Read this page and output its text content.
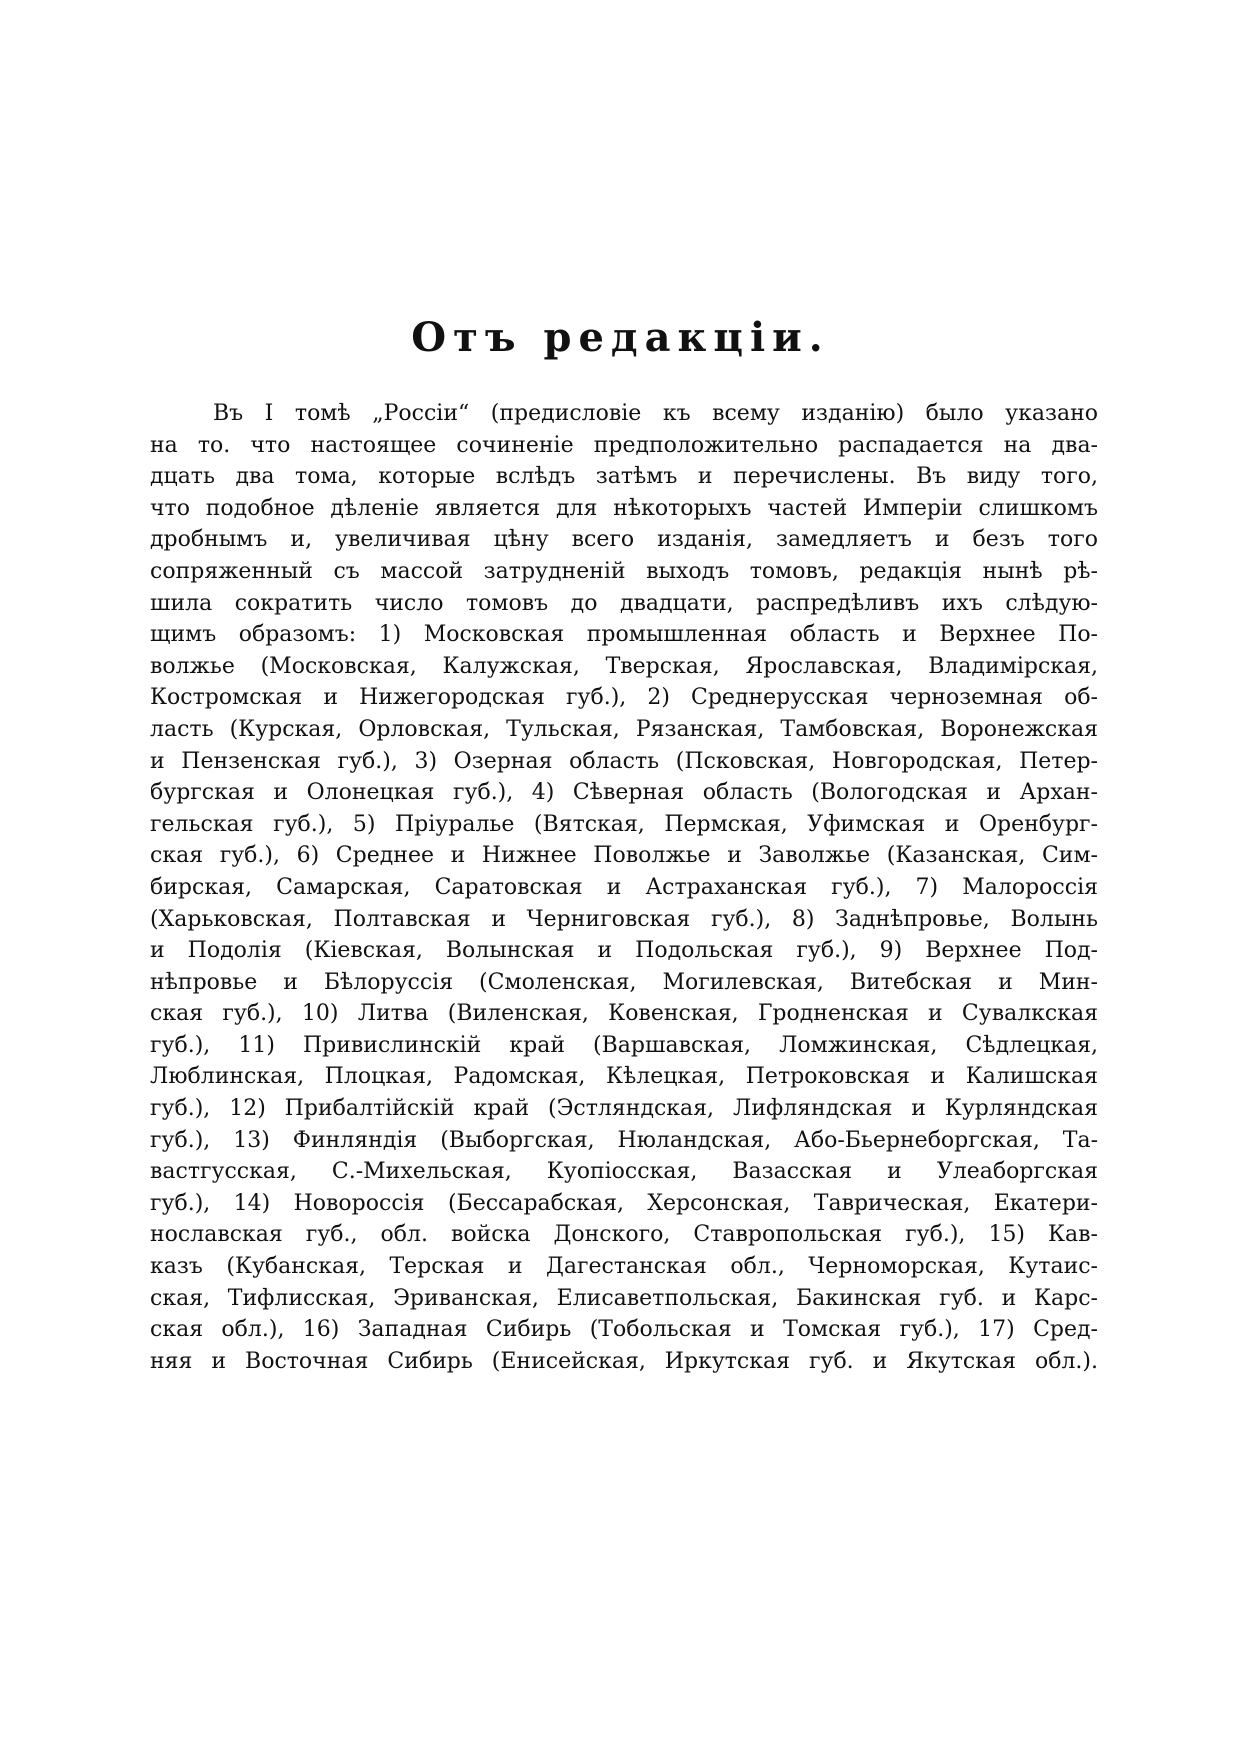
Отъ редакціи.
Въ I томѣ „Россіи“ (предисловіе къ всему изданію) было указано
на то. что настоящее сочиненіе предположительно распадается на два-
дцать два тома, которые вслѣдъ затѣмъ и перечислены. Въ виду того,
что подобное дѣленіе является для нѣкоторыхъ частей Имперіи слишкомъ
дробнымъ и, увеличивая цѣну всего изданія, замедляетъ и безъ того
сопряженный съ массой затрудненій выходъ томовъ, редакція нынѣ рѣ-
шила сократить число томовъ до двадцати, распредѣливъ ихъ слѣдую-
щимъ образомъ: 1) Московская промышленная область и Верхнее По-
волжье (Московская, Калужская, Тверская, Ярославская, Владимірская,
Костромская и Нижегородская губ.), 2) Среднерусская черноземная об-
ласть (Курская, Орловская, Тульская, Рязанская, Тамбовская, Воронежская
и Пензенская губ.), 3) Озерная область (Псковская, Новгородская, Петер-
бургская и Олонецкая губ.), 4) Сѣверная область (Вологодская и Архан-
гельская губ.), 5) Пріуралье (Вятская, Пермская, Уфимская и Оренбург-
ская губ.), 6) Среднее и Нижнее Поволжье и Заволжье (Казанская, Сим-
бирская, Самарская, Саратовская и Астраханская губ.), 7) Малороссія
(Харьковская, Полтавская и Черниговская губ.), 8) Заднѣпровье, Волынь
и Подолія (Кіевская, Волынская и Подольская губ.), 9) Верхнее Под-
нѣпровье и Бѣлоруссія (Смоленская, Могилевская, Витебская и Мин-
ская губ.), 10) Литва (Виленская, Ковенская, Гродненская и Сувалкская
губ.), 11) Привислинскій край (Варшавская, Ломжинская, Сѣдлецкая,
Люблинская, Плоцкая, Радомская, Кѣлецкая, Петроковская и Калишская
губ.), 12) Прибалтійскій край (Эстляндская, Лифляндская и Курляндская
губ.), 13) Финляндія (Выборгская, Нюландская, Або-Бьернеборгская, Та-
вастгусская, С.-Михельская, Куопіосская, Вазасская и Улеаборгская
губ.), 14) Новороссія (Бессарабская, Херсонская, Таврическая, Екатери-
нославская губ., обл. войска Донского, Ставропольская губ.), 15) Кав-
казъ (Кубанская, Терская и Дагестанская обл., Черноморская, Кутаис-
ская, Тифлисская, Эриванская, Елисаветпольская, Бакинская губ. и Карс-
ская обл.), 16) Западная Сибирь (Тобольская и Томская губ.), 17) Сред-
няя и Восточная Сибирь (Енисейская, Иркутская губ. и Якутская обл.).
